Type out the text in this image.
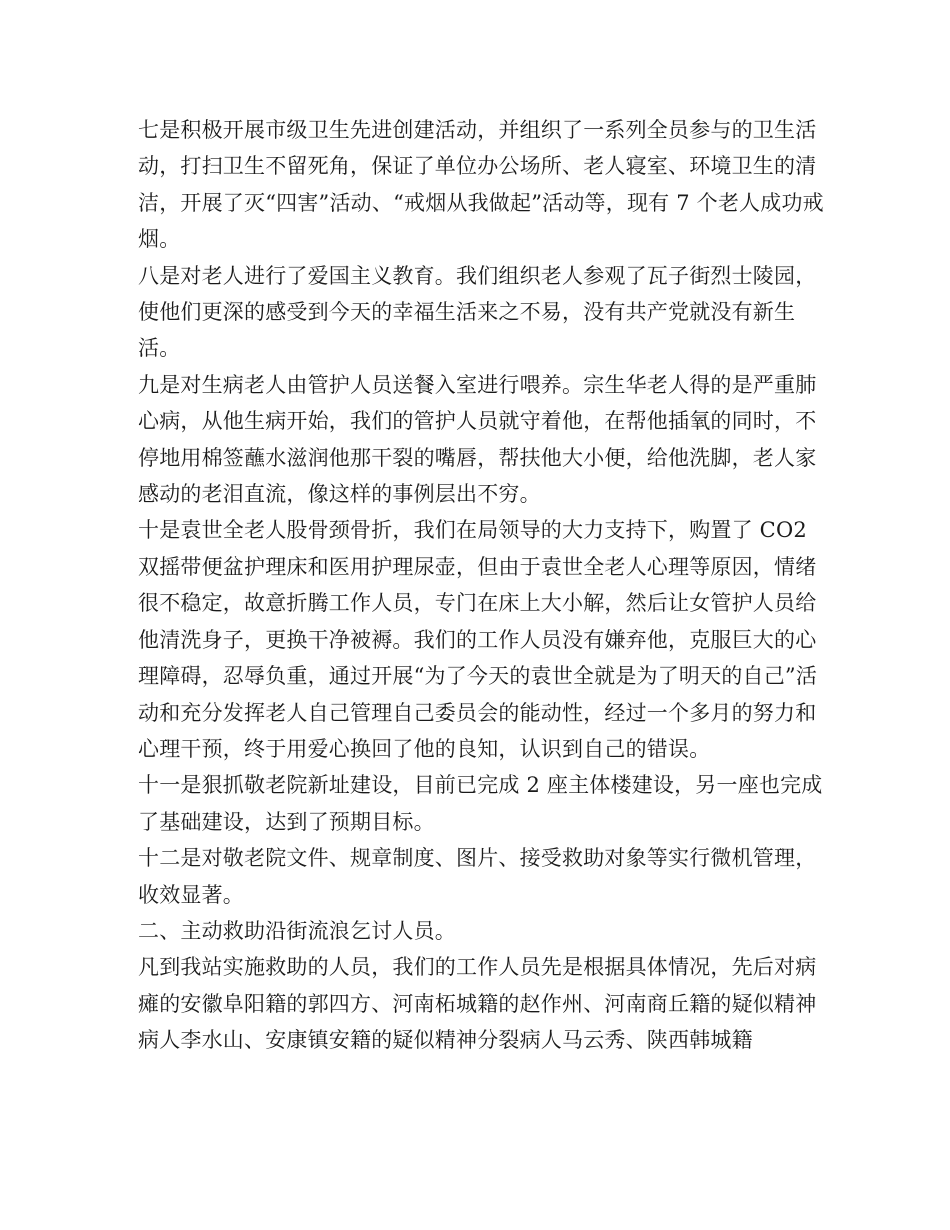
七是积极开展市级卫生先进创建活动，并组织了一系列全员参与的卫生活动，打扫卫生不留死角，保证了单位办公场所、老人寝室、环境卫生的清洁，开展了灭“四害”活动、“戒烟从我做起”活动等，现有 7 个老人成功戒烟。

八是对老人进行了爱国主义教育。我们组织老人参观了瓦子街烈士陵园，使他们更深的感受到今天的幸福生活来之不易，没有共产党就没有新生活。

九是对生病老人由管护人员送餐入室进行喂养。宗生华老人得的是严重肺心病，从他生病开始，我们的管护人员就守着他，在帮他插氧的同时，不停地用棉签蘸水滋润他那干裂的嘴唇，帮扶他大小便，给他洗脚，老人家感动的老泪直流，像这样的事例层出不穷。

十是袁世全老人股骨颈骨折，我们在局领导的大力支持下，购置了 CO2 双摇带便盆护理床和医用护理尿壶，但由于袁世全老人心理等原因，情绪很不稳定，故意折腾工作人员，专门在床上大小解，然后让女管护人员给他清洗身子，更换干净被褥。我们的工作人员没有嫌弃他，克服巨大的心理障碍，忍辱负重，通过开展“为了今天的袁世全就是为了明天的自己”活动和充分发挥老人自己管理自己委员会的能动性，经过一个多月的努力和心理干预，终于用爱心换回了他的良知，认识到自己的错误。

十一是狠抓敬老院新址建设，目前已完成 2 座主体楼建设，另一座也完成了基础建设，达到了预期目标。

十二是对敬老院文件、规章制度、图片、接受救助对象等实行微机管理，收效显著。

二、主动救助沿街流浪乞讨人员。

凡到我站实施救助的人员，我们的工作人员先是根据具体情况，先后对病瘫的安徽阜阳籍的郭四方、河南柘城籍的赵作州、河南商丘籍的疑似精神病人李水山、安康镇安籍的疑似精神分裂病人马云秀、陕西韩城籍
